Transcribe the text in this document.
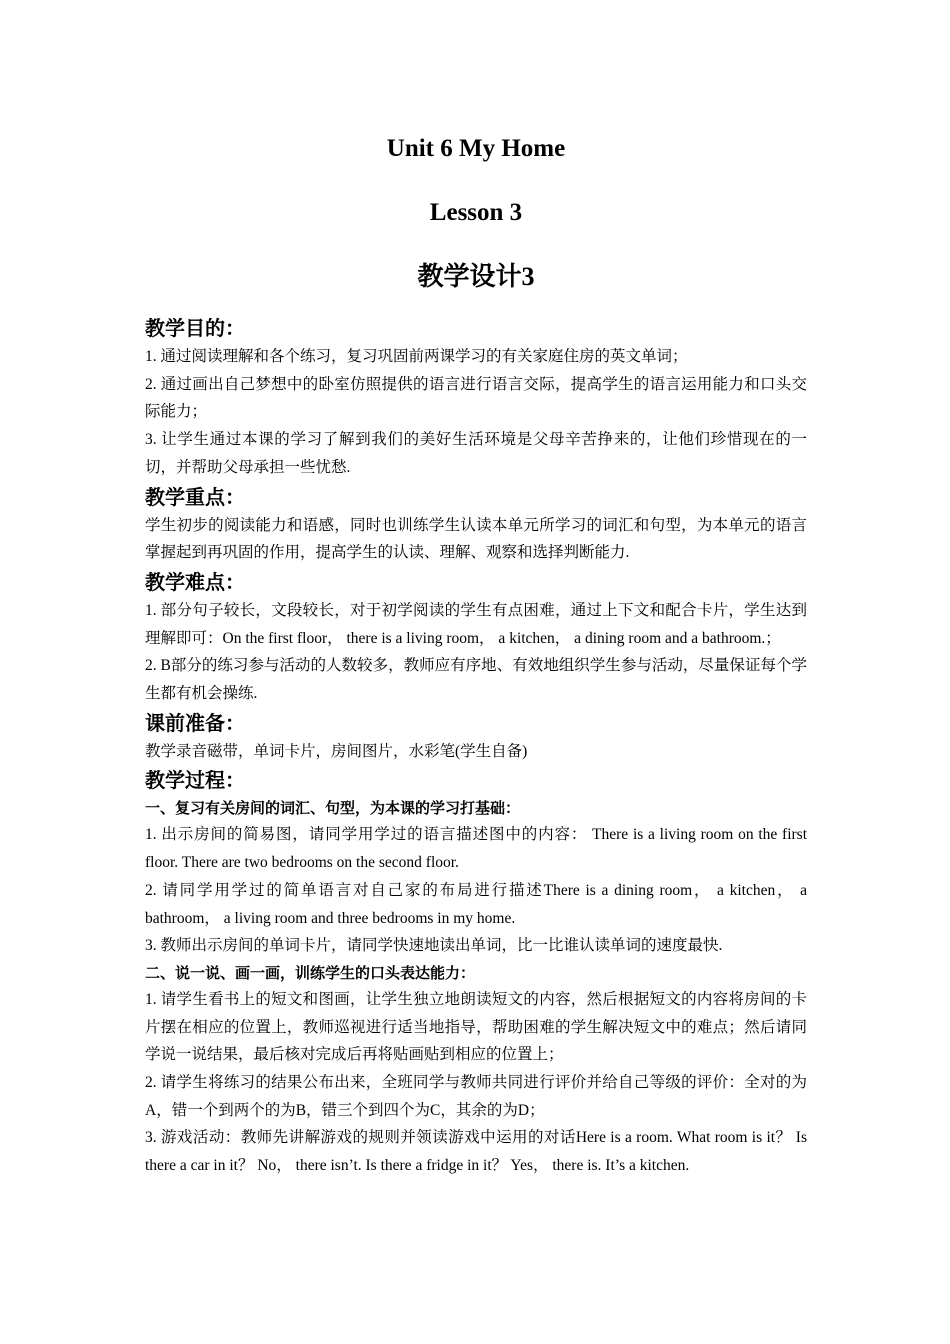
Unit 6 My Home
Lesson 3
教学设计3

教学目的：

1. 通过阅读理解和各个练习，复习巩固前两课学习的有关家庭住房的英文单词；

2. 通过画出自己梦想中的卧室仿照提供的语言进行语言交际，提高学生的语言运用能力和口头交际能力；

3. 让学生通过本课的学习了解到我们的美好生活环境是父母辛苦挣来的，让他们珍惜现在的一切，并帮助父母承担一些忧愁.

教学重点：

学生初步的阅读能力和语感，同时也训练学生认读本单元所学习的词汇和句型，为本单元的语言掌握起到再巩固的作用，提高学生的认读、理解、观察和选择判断能力.

教学难点：

1. 部分句子较长，文段较长，对于初学阅读的学生有点困难，通过上下文和配合卡片，学生达到理解即可：On the first floor， there is a living room， a kitchen， a dining room and a bathroom.；

2. B部分的练习参与活动的人数较多，教师应有序地、有效地组织学生参与活动，尽量保证每个学生都有机会操练.

课前准备：

教学录音磁带，单词卡片，房间图片，水彩笔(学生自备)

教学过程：

一、复习有关房间的词汇、句型，为本课的学习打基础：

1. 出示房间的简易图，请同学用学过的语言描述图中的内容： There is a living room on the first floor. There are two bedrooms on the second floor.

2. 请同学用学过的简单语言对自己家的布局进行描述There is a dining room， a kitchen， a bathroom， a living room and three bedrooms in my home.

3. 教师出示房间的单词卡片，请同学快速地读出单词，比一比谁认读单词的速度最快.

二、说一说、画一画，训练学生的口头表达能力：

1. 请学生看书上的短文和图画，让学生独立地朗读短文的内容，然后根据短文的内容将房间的卡片摆在相应的位置上，教师巡视进行适当地指导，帮助困难的学生解决短文中的难点；然后请同学说一说结果，最后核对完成后再将贴画贴到相应的位置上；

2. 请学生将练习的结果公布出来，全班同学与教师共同进行评价并给自己等级的评价：全对的为A，错一个到两个的为B，错三个到四个为C，其余的为D；

3. 游戏活动：教师先讲解游戏的规则并领读游戏中运用的对话Here is a room. What room is it？ Is there a car in it？ No， there isn’t. Is there a fridge in it？ Yes， there is. It’s a kitchen.
